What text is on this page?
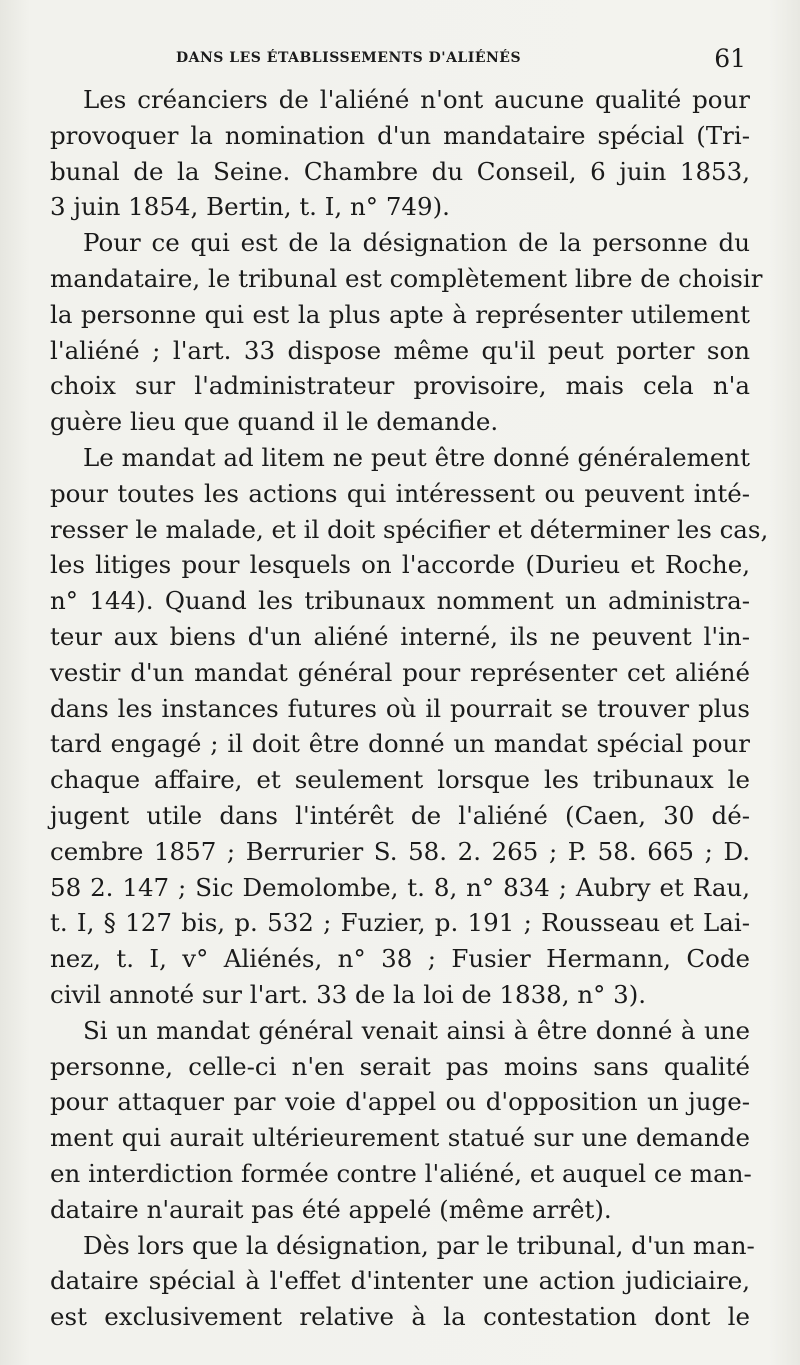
DANS LES ÉTABLISSEMENTS D'ALIÉNÉS	61

Les créanciers de l'aliéné n'ont aucune qualité pour
provoquer la nomination d'un mandataire spécial (Tri-
bunal de la Seine. Chambre du Conseil, 6 juin 1853,
3 juin 1854, Bertin, t. I, n° 749).

Pour ce qui est de la désignation de la personne du
mandataire, le tribunal est complètement libre de choisir
la personne qui est la plus apte à représenter utilement
l'aliéné ; l'art. 33 dispose même qu'il peut porter son
choix sur l'administrateur provisoire, mais cela n'a
guère lieu que quand il le demande.

Le mandat ad litem ne peut être donné généralement
pour toutes les actions qui intéressent ou peuvent inté-
resser le malade, et il doit spécifier et déterminer les cas,
les litiges pour lesquels on l'accorde (Durieu et Roche,
n° 144). Quand les tribunaux nomment un administra-
teur aux biens d'un aliéné interné, ils ne peuvent l'in-
vestir d'un mandat général pour représenter cet aliéné
dans les instances futures où il pourrait se trouver plus
tard engagé ; il doit être donné un mandat spécial pour
chaque affaire, et seulement lorsque les tribunaux le
jugent utile dans l'intérêt de l'aliéné (Caen, 30 dé-
cembre 1857 ; Berrurier S. 58. 2. 265 ; P. 58. 665 ; D.
58 2. 147 ; Sic Demolombe, t. 8, n° 834 ; Aubry et Rau,
t. I, § 127 bis, p. 532 ; Fuzier, p. 191 ; Rousseau et Lai-
nez, t. I, v° Aliénés, n° 38 ; Fusier Hermann, Code
civil annoté sur l'art. 33 de la loi de 1838, n° 3).

Si un mandat général venait ainsi à être donné à une
personne, celle-ci n'en serait pas moins sans qualité
pour attaquer par voie d'appel ou d'opposition un juge-
ment qui aurait ultérieurement statué sur une demande
en interdiction formée contre l'aliéné, et auquel ce man-
dataire n'aurait pas été appelé (même arrêt).

Dès lors que la désignation, par le tribunal, d'un man-
dataire spécial à l'effet d'intenter une action judiciaire,
est exclusivement relative à la contestation dont le
